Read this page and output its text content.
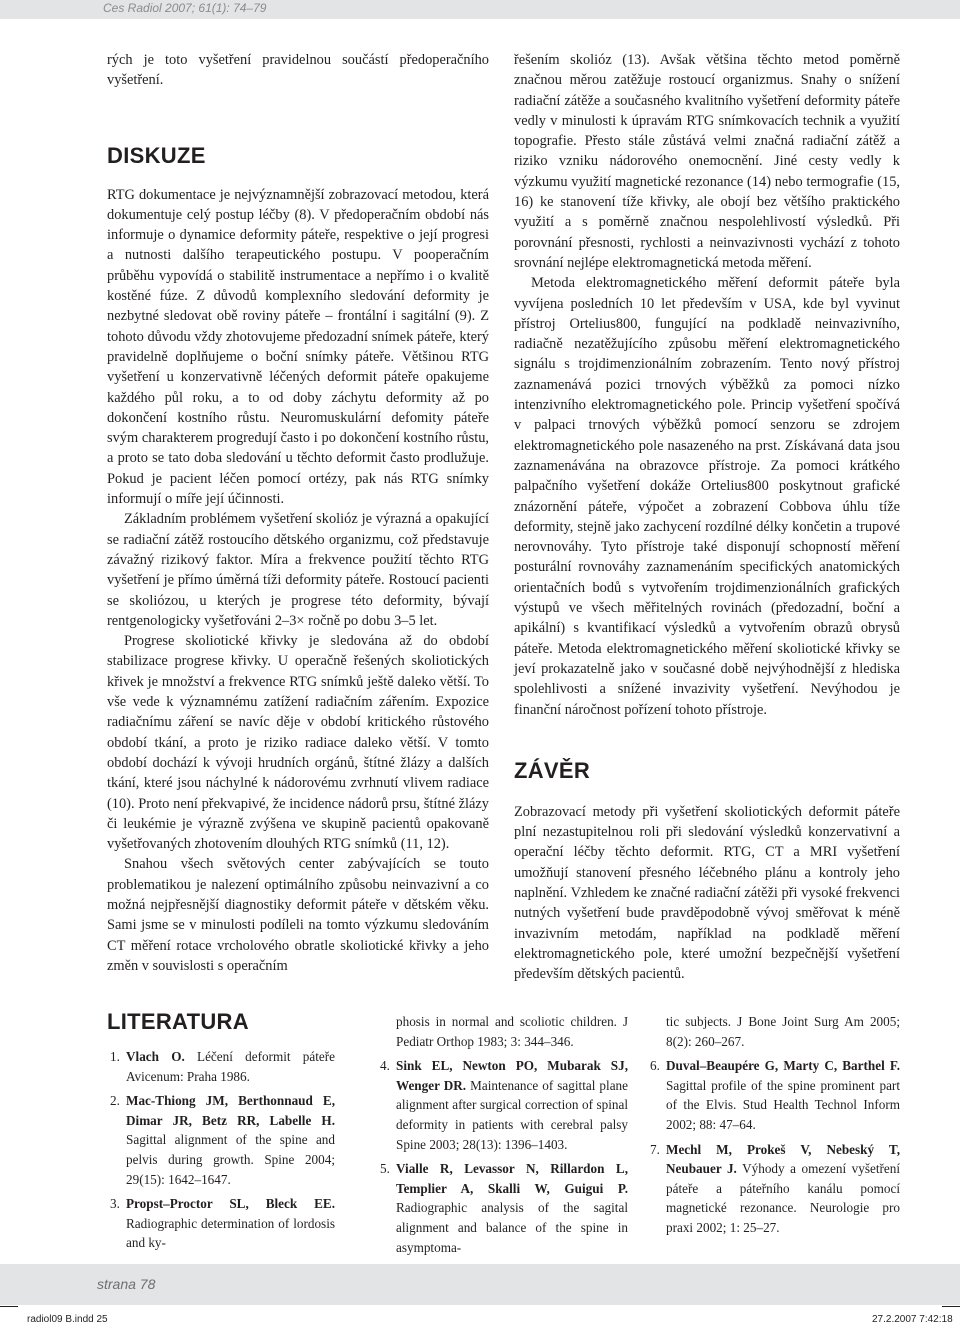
Ces Radiol 2007; 61(1): 74–79

rých je toto vyšetření pravidelnou součástí předoperačního vyšetření.

DISKUZE

RTG dokumentace je nejvýznamnější zobrazovací metodou, která dokumentuje celý postup léčby (8). V předoperačním období nás informuje o dynamice deformity páteře, respektive o její progresi a nutnosti dalšího terapeutického postupu. V pooperačním průběhu vypovídá o stabilitě instrumentace a nepřímo i o kvalitě kostěné fúze. Z důvodů komplexního sledování deformity je nezbytné sledovat obě roviny páteře – frontální i sagitální (9). Z tohoto důvodu vždy zhotovujeme předozadní snímek páteře, který pravidelně doplňujeme o boční snímky páteře. Většinou RTG vyšetření u konzervativně léčených deformit páteře opakujeme každého půl roku, a to od doby záchytu deformity až po dokončení kostního růstu. Neuromuskulární defomity páteře svým charakterem progredují často i po dokončení kostního růstu, a proto se tato doba sledování u těchto deformit často prodlužuje. Pokud je pacient léčen pomocí ortézy, pak nás RTG snímky informují o míře její účinnosti.

Základním problémem vyšetření skolióz je výrazná a opakující se radiační zátěž rostoucího dětského organizmu, což představuje závažný rizikový faktor. Míra a frekvence použití těchto RTG vyšetření je přímo úměrná tíži deformity páteře. Rostoucí pacienti se skoliózou, u kterých je progrese této deformity, bývají rentgenologicky vyšetřováni 2–3× ročně po dobu 3–5 let.

Progrese skoliotické křivky je sledována až do období stabilizace progrese křivky. U operačně řešených skoliotických křivek je množství a frekvence RTG snímků ještě daleko větší. To vše vede k významnému zatížení radiačním zářením. Expozice radiačnímu záření se navíc děje v období kritického růstového období tkání, a proto je riziko radiace daleko větší. V tomto období dochází k vývoji hrudních orgánů, štítné žlázy a dalších tkání, které jsou náchylné k nádorovému zvrhnutí vlivem radiace (10). Proto není překvapivé, že incidence nádorů prsu, štítné žlázy či leukémie je výrazně zvýšena ve skupině pacientů opakovaně vyšetřovaných zhotovením dlouhých RTG snímků (11, 12).

Snahou všech světových center zabývajících se touto problematikou je nalezení optimálního způsobu neinvazivní a co možná nejpřesnější diagnostiky deformit páteře v dětském věku. Sami jsme se v minulosti podíleli na tomto výzkumu sledováním CT měření rotace vrcholového obratle skoliotické křivky a jeho změn v souvislosti s operačním

řešením skolióz (13). Avšak většina těchto metod poměrně značnou měrou zatěžuje rostoucí organizmus. Snahy o snížení radiační zátěže a současného kvalitního vyšetření deformity páteře vedly v minulosti k úpravám RTG snímkovacích technik a využití topografie. Přesto stále zůstává velmi značná radiační zátěž a riziko vzniku nádorového onemocnění. Jiné cesty vedly k výzkumu využití magnetické rezonance (14) nebo termografie (15, 16) ke stanovení tíže křivky, ale obojí bez většího praktického využití a s poměrně značnou nespolehlivostí výsledků. Při porovnání přesnosti, rychlosti a neinvazivnosti vychází z tohoto srovnání nejlépe elektromagnetická metoda měření.

Metoda elektromagnetického měření deformit páteře byla vyvíjena posledních 10 let především v USA, kde byl vyvinut přístroj Ortelius800, fungující na podkladě neinvazivního, radiačně nezatěžujícího způsobu měření elektromagnetického signálu s trojdimenzionálním zobrazením. Tento nový přístroj zaznamenává pozici trnových výběžků za pomoci nízko intenzivního elektromagnetického pole. Princip vyšetření spočívá v palpaci trnových výběžků pomocí senzoru se zdrojem elektromagnetického pole nasazeného na prst. Získávaná data jsou zaznamenávána na obrazovce přístroje. Za pomoci krátkého palpačního vyšetření dokáže Ortelius800 poskytnout grafické znázornění páteře, výpočet a zobrazení Cobbova úhlu tíže deformity, stejně jako zachycení rozdílné délky končetin a trupové nerovnováhy. Tyto přístroje také disponují schopností měření posturální rovnováhy zaznamenáním specifických anatomických orientačních bodů s vytvořením trojdimenzionálních grafických výstupů ve všech měřitelných rovinách (předozadní, boční a apikální) s kvantifikací výsledků a vytvořením obrazů obrysů páteře. Metoda elektromagnetického měření skoliotické křivky se jeví prokazatelně jako v současné době nejvýhodnější z hlediska spolehlivosti a snížené invazivity vyšetření. Nevýhodou je finanční náročnost pořízení tohoto přístroje.

ZÁVĚR

Zobrazovací metody při vyšetření skoliotických deformit páteře plní nezastupitelnou roli při sledování výsledků konzervativní a operační léčby těchto deformit. RTG, CT a MRI vyšetření umožňují stanovení přesného léčebného plánu a kontroly jeho naplnění. Vzhledem ke značné radiační zátěži při vysoké frekvenci nutných vyšetření bude pravděpodobně vývoj směřovat k méně invazivním metodám, například na podkladě měření elektromagnetického pole, které umožní bezpečnější vyšetření především dětských pacientů.

LITERATURA
1. Vlach O. Léčení deformit páteře Avicenum: Praha 1986.
2. Mac-Thiong JM, Berthonnaud E, Dimar JR, Betz RR, Labelle H. Sagittal alignment of the spine and pelvis during growth. Spine 2004; 29(15): 1642–1647.
3. Propst–Proctor SL, Bleck EE. Radiographic determination of lordosis and ky-
phosis in normal and scoliotic children. J Pediatr Orthop 1983; 3: 344–346.
4. Sink EL, Newton PO, Mubarak SJ, Wenger DR. Maintenance of sagittal plane alignment after surgical correction of spinal deformity in patients with cerebral palsy Spine 2003; 28(13): 1396–1403.
5. Vialle R, Levassor N, Rillardon L, Templier A, Skalli W, Guigui P. Radiographic analysis of the sagital alignment and balance of the spine in asymptoma-
tic subjects. J Bone Joint Surg Am 2005; 8(2): 260–267.
6. Duval–Beaupére G, Marty C, Barthel F. Sagittal profile of the spine prominent part of the Elvis. Stud Health Technol Inform 2002; 88: 47–64.
7. Mechl M, Prokeš V, Nebeský T, Neubauer J. Výhody a omezení vyšetření páteře a páteřního kanálu pomocí magnetické rezonance. Neurologie pro praxi 2002; 1: 25–27.
strana 78
radiol09 B.indd 25	27.2.2007 7:42:18
